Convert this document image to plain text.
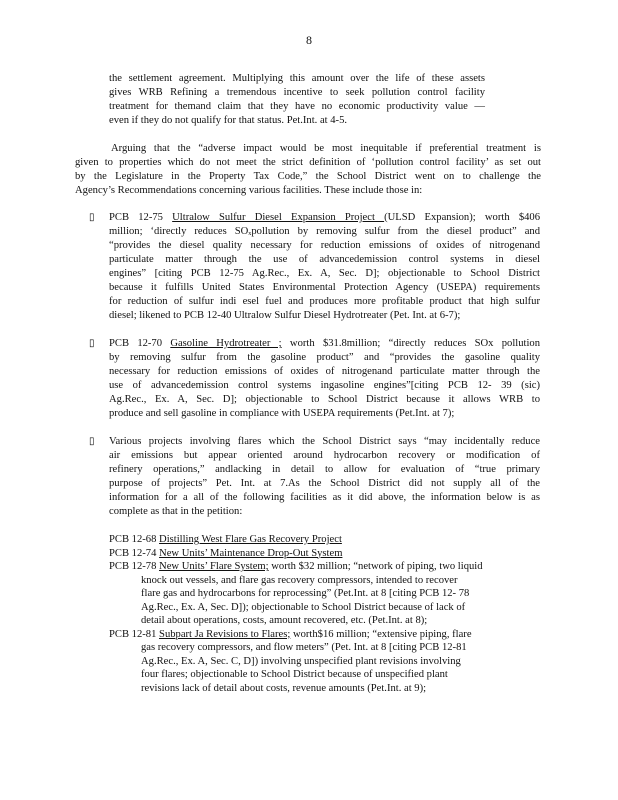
8
the settlement agreement. Multiplying this amount over the life of these assets
gives WRB Refining a tremendous incentive to seek pollution control facility
treatment for themand claim that they have no economic productivity value —
even if they do not qualify for that status. Pet.Int. at 4-5.
Arguing that the “adverse impact would be most inequitable if preferential treatment is
given to properties which do not meet the strict definition of ‘pollution control facility’ as set out
by the Legislature in the Property Tax Code,” the School District went on to challenge the
Agency’s Recommendations concerning various facilities. These include those in:
▯ PCB 12-75 Ultralow Sulfur Diesel Expansion Project (ULSD Expansion); worth $406
million; ‘directly reduces SOₓpollution by removing sulfur from the diesel product” and
“provides the diesel quality necessary for reduction emissions of oxides of nitrogenand
particulate matter through the use of advancedemission control systems in diesel
engines” [citing PCB 12-75 Ag.Rec., Ex. A, Sec. D]; objectionable to School District
because it fulfills United States Environmental Protection Agency (USEPA) requirements
for reduction of sulfur indi esel fuel and produces more profitable product that high sulfur
diesel; likened to PCB 12-40 Ultralow Sulfur Diesel Hydrotreater (Pet. Int. at 6-7);
▯ PCB 12-70 Gasoline Hydrotreater ; worth $31.8million; “directly reduces SOx pollution
by removing sulfur from the gasoline product” and “provides the gasoline quality
necessary for reduction emissions of oxides of nitrogenand particulate matter through the
use of advancedemission control systems ingasoline engines”[citing PCB 12- 39 (sic)
Ag.Rec., Ex. A, Sec. D]; objectionable to School District because it allows WRB to
produce and sell gasoline in compliance with USEPA requirements (Pet.Int. at 7);
▯ Various projects involving flares which the School District says “may incidentally reduce
air emissions but appear oriented around hydrocarbon recovery or modification of
refinery operations,” andlacking in detail to allow for evaluation of “true primary
purpose of projects” Pet. Int. at 7.As the School District did not supply all of the
information for a all of the following facilities as it did above, the information below is as
complete as that in the petition:
PCB 12-68 Distilling West Flare Gas Recovery Project
PCB 12-74 New Units’ Maintenance Drop-Out System
PCB 12-78 New Units’ Flare System; worth $32 million; “network of piping, two liquid
knock out vessels, and flare gas recovery compressors, intended to recover
flare gas and hydrocarbons for reprocessing” (Pet.Int. at 8 [citing PCB 12- 78
Ag.Rec., Ex. A, Sec. D]); objectionable to School District because of lack of
detail about operations, costs, amount recovered, etc. (Pet.Int. at 8);
PCB 12-81 Subpart Ja Revisions to Flares; worth$16 million; “extensive piping, flare
gas recovery compressors, and flow meters” (Pet. Int. at 8 [citing PCB 12-81
Ag.Rec., Ex. A, Sec. C, D]) involving unspecified plant revisions involving
four flares; objectionable to School District because of unspecified plant
revisions lack of detail about costs, revenue amounts (Pet.Int. at 9);
